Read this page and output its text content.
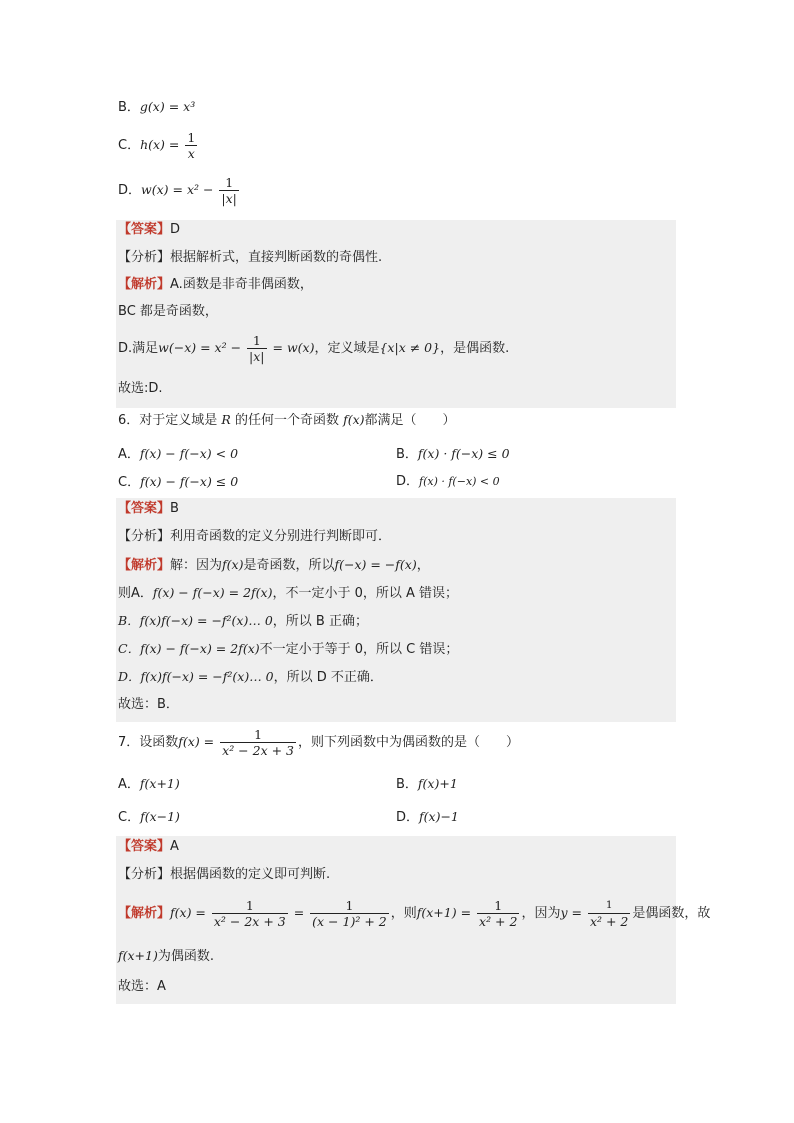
B．g(x) = x³
C．$h(x) = \frac{1}{x}$
D．$w(x) = x^2 - \frac{1}{|x|}$
【答案】D
【分析】根据解析式，直接判断函数的奇偶性.
【解析】A.函数是非奇非偶函数，
BC 都是奇函数，
D.满足$w(-x) = x^2 - \frac{1}{|x|} = w(x)$，定义域是{x|x ≠ 0}，是偶函数.
故选:D.
6．对于定义域是 R 的任何一个奇函数 f(x)都满足（　　）
A．f(x) − f(−x) < 0	B．f(x) · f(−x) ≤ 0
C．f(x) − f(−x) ≤ 0	D．f(x) · f(−x) < 0
【答案】B
【分析】利用奇函数的定义分别进行判断即可．
【解析】解：因为f(x)是奇函数，所以f(−x) = −f(x)，
则A．f(x) − f(−x) = 2f(x)，不一定小于 0，所以 A 错误；
B．f(x)f(−x) = −f²(x)… 0，所以 B 正确；
C．f(x) − f(−x) = 2f(x)不一定小于等于 0，所以 C 错误；
D．f(x)f(−x) = −f²(x)… 0，所以 D 不正确．
故选：B．
7．设函数$f(x) = \frac{1}{\text{x² − 2x + 3}}$ ，则下列函数中为偶函数的是（　　）
A．f(x+1)	B．f(x)+1
C．f(x−1)	D．f(x)−1
【答案】A
【分析】根据偶函数的定义即可判断.
【解析】$f(x) = \frac{1}{\text{x² − 2x + 3}} = \frac{1}{\text{(x − 1)² + 2}}$ ，则$f(x+1) = \frac{1}{\text{x² + 2}}$ ，因为$y = \frac{1}{\text{x² + 2}}$ 是偶函数，故
f(x+1)为偶函数.
故选：A
